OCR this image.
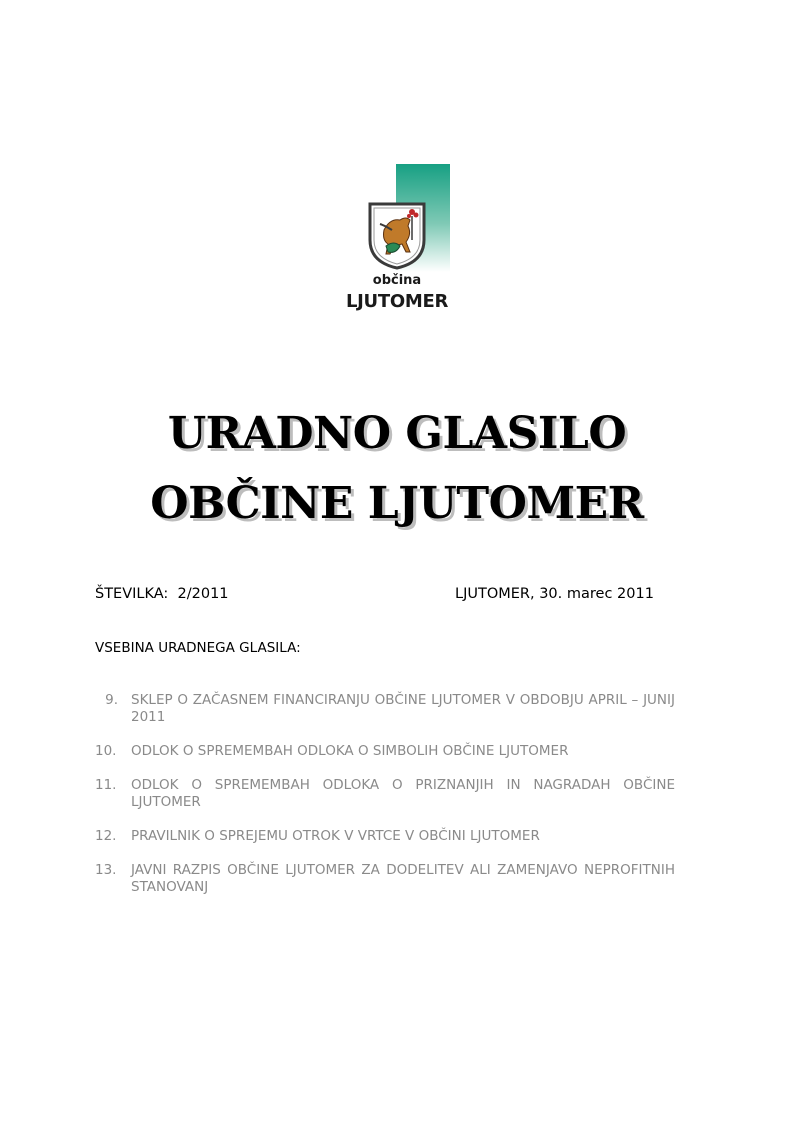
občina
LJUTOMER
URADNO GLASILO
OBČINE LJUTOMER
ŠTEVILKA:  2/2011	LJUTOMER, 30. marec 2011
VSEBINA URADNEGA GLASILA:
9. SKLEP O ZAČASNEM FINANCIRANJU OBČINE LJUTOMER V OBDOBJU APRIL – JUNIJ 2011
10.	ODLOK O SPREMEMBAH ODLOKA O SIMBOLIH OBČINE LJUTOMER
11.	ODLOK O SPREMEMBAH ODLOKA O PRIZNANJIH IN NAGRADAH OBČINE LJUTOMER
12.	PRAVILNIK O SPREJEMU OTROK V VRTCE V OBČINI LJUTOMER
13.	JAVNI RAZPIS OBČINE LJUTOMER ZA DODELITEV ALI ZAMENJAVO NEPROFITNIH STANOVANJ
